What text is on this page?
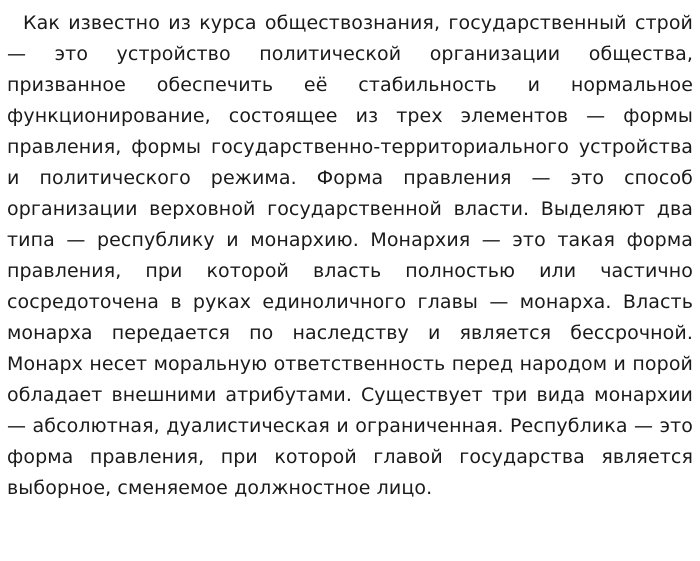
Как известно из курса обществознания, государственный строй — это устройство политической организации общества, призванное обеспечить её стабильность и нормальное функционирование, состоящее из трех элементов — формы правления, формы государственно-территориального устройства и политического режима. Форма правления — это способ организации верховной государственной власти. Выделяют два типа — республику и монархию. Монархия — это такая форма правления, при которой власть полностью или частично сосредоточена в руках единоличного главы — монарха. Власть монарха передается по наследству и является бессрочной. Монарх несет моральную ответственность перед народом и порой обладает внешними атрибутами. Существует три вида монархии — абсолютная, дуалистическая и ограниченная. Республика — это форма правления, при которой главой государства является выборное, сменяемое должностное лицо.
